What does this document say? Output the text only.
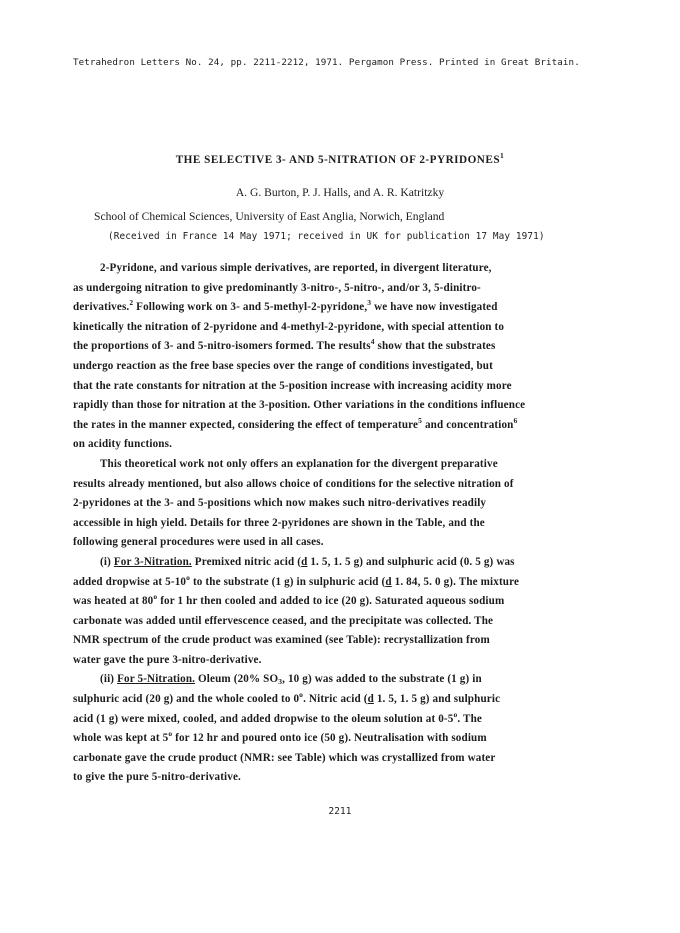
Tetrahedron Letters No. 24, pp. 2211-2212, 1971. Pergamon Press. Printed in Great Britain.
THE SELECTIVE 3- AND 5-NITRATION OF 2-PYRIDONES$^1$
A. G. Burton, P. J. Halls, and A. R. Katritzky
School of Chemical Sciences, University of East Anglia, Norwich, England
(Received in France 14 May 1971; received in UK for publication 17 May 1971)
2-Pyridone, and various simple derivatives, are reported, in divergent literature,
as undergoing nitration to give predominantly 3-nitro-, 5-nitro-, and/or 3, 5-dinitro-
derivatives.$^2$ Following work on 3- and 5-methyl-2-pyridone,$^3$ we have now investigated
kinetically the nitration of 2-pyridone and 4-methyl-2-pyridone, with special attention to
the proportions of 3- and 5-nitro-isomers formed. The results$^4$ show that the substrates
undergo reaction as the free base species over the range of conditions investigated, but
that the rate constants for nitration at the 5-position increase with increasing acidity more
rapidly than those for nitration at the 3-position. Other variations in the conditions influence
the rates in the manner expected, considering the effect of temperature$^5$ and concentration$^6$
on acidity functions.
This theoretical work not only offers an explanation for the divergent preparative
results already mentioned, but also allows choice of conditions for the selective nitration of
2-pyridones at the 3- and 5-positions which now makes such nitro-derivatives readily
accessible in high yield. Details for three 2-pyridones are shown in the Table, and the
following general procedures were used in all cases.
(i) For 3-Nitration. Premixed nitric acid (d 1. 5, 1. 5 g) and sulphuric acid (0. 5 g) was
added dropwise at 5-10$^o$ to the substrate (1 g) in sulphuric acid (d 1. 84, 5. 0 g). The mixture
was heated at 80$^o$ for 1 hr then cooled and added to ice (20 g). Saturated aqueous sodium
carbonate was added until effervescence ceased, and the precipitate was collected. The
NMR spectrum of the crude product was examined (see Table): recrystallization from
water gave the pure 3-nitro-derivative.
(ii) For 5-Nitration. Oleum (20% $SO_3$, 10 g) was added to the substrate (1 g) in
sulphuric acid (20 g) and the whole cooled to 0$^o$. Nitric acid (d 1. 5, 1. 5 g) and sulphuric
acid (1 g) were mixed, cooled, and added dropwise to the oleum solution at 0-5$^o$. The
whole was kept at 5$^o$ for 12 hr and poured onto ice (50 g). Neutralisation with sodium
carbonate gave the crude product (NMR: see Table) which was crystallized from water
to give the pure 5-nitro-derivative.
2211
